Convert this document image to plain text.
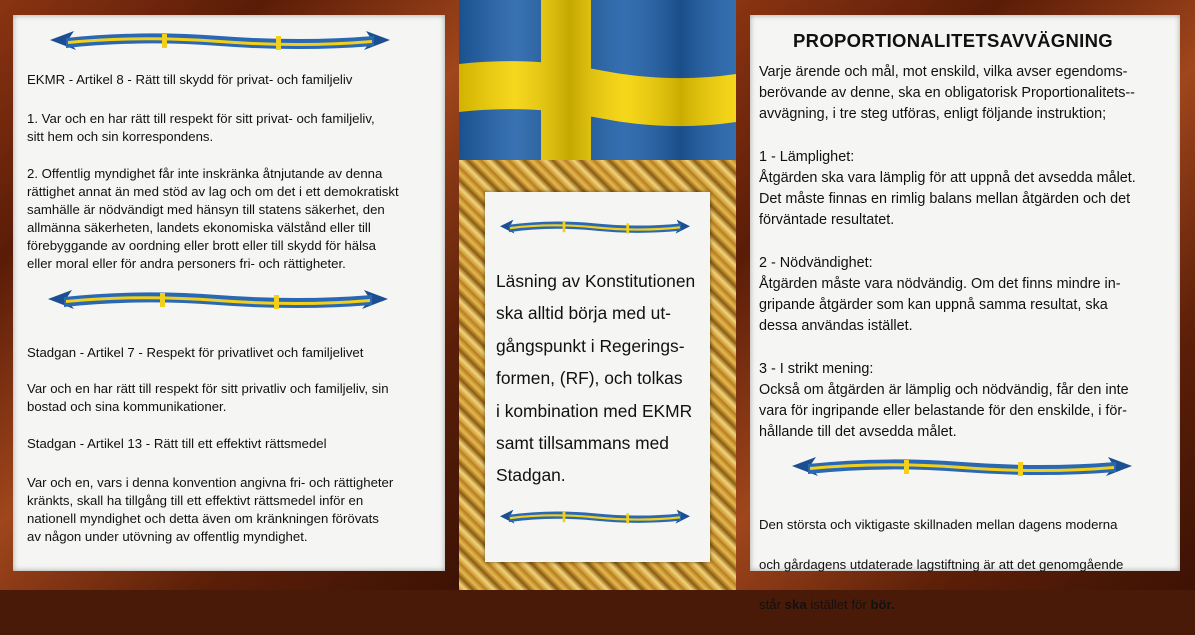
EKMR - Artikel 8 - Rätt till skydd för privat- och familjeliv

1. Var och en har rätt till respekt för sitt privat- och familjeliv,
sitt hem och sin korrespondens.

2. Offentlig myndighet får inte inskränka åtnjutande av denna
rättighet annat än med stöd av lag och om det i ett demokratiskt
samhälle är nödvändigt med hänsyn till statens säkerhet, den
allmänna säkerheten, landets ekonomiska välstånd eller till
förebyggande av oordning eller brott eller till skydd för hälsa
eller moral eller för andra personers fri- och rättigheter.

Stadgan - Artikel 7 - Respekt för privatlivet och familjelivet

Var och en har rätt till respekt för sitt privatliv och familjeliv, sin
bostad och sina kommunikationer.

Stadgan - Artikel 13 - Rätt till ett effektivt rättsmedel

Var och en, vars i denna konvention angivna fri- och rättigheter
kränkts, skall ha tillgång till ett effektivt rättsmedel inför en
nationell myndighet och detta även om kränkningen förövats
av någon under utövning av offentlig myndighet.

Läsning av Konstitutionen
ska alltid börja med ut-
gångspunkt i Regerings-
formen, (RF), och tolkas
i kombination med EKMR
samt tillsammans med
Stadgan.

PROPORTIONALITETSAVVÄGNING

Varje ärende och mål, mot enskild, vilka avser egendoms-
berövande av denne, ska en obligatorisk Proportionalitets--
avvägning, i tre steg utföras, enligt följande instruktion;

1 - Lämplighet:

Åtgärden ska vara lämplig för att uppnå det avsedda målet.
Det måste finnas en rimlig balans mellan åtgärden och det
förväntade resultatet.

2 - Nödvändighet:

Åtgärden måste vara nödvändig. Om det finns mindre in-
gripande åtgärder som kan uppnå samma resultat, ska
dessa användas istället.

3 - I strikt mening:

Också om åtgärden är lämplig och nödvändig, får den inte
vara för ingripande eller belastande för den enskilde, i för-
hållande till det avsedda målet.

Den största och viktigaste skillnaden mellan dagens moderna

och gårdagens utdaterade lagstiftning är att det genomgående

står ska istället för bör.
